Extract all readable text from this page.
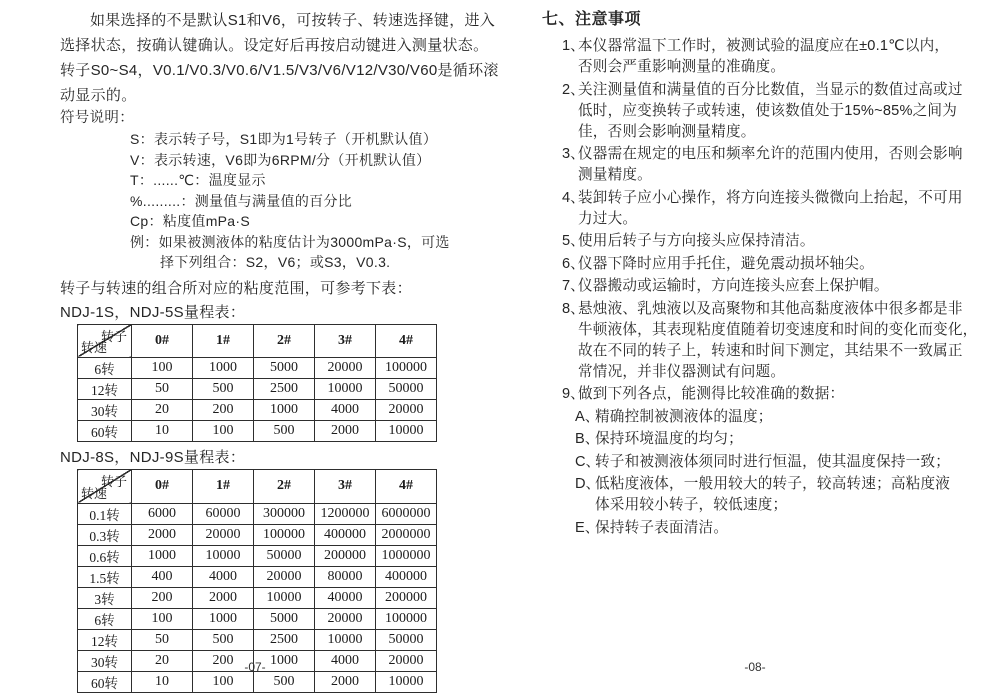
如果选择的不是默认S1和V6，可按转子、转速选择键，进入
选择状态，按确认键确认。设定好后再按启动键进入测量状态。
转子S0~S4，V0.1/V0.3/V0.6/V1.5/V3/V6/V12/V30/V60是循环滚
动显示的。
符号说明：
S：表示转子号，S1即为1号转子（开机默认值）
V：表示转速，V6即为6RPM/分（开机默认值）
T：......℃：温度显示
%.........：测量值与满量值的百分比
Cp：粘度值mPa·S
例：如果被测液体的粘度估计为3000mPa·S，可选
择下列组合：S2，V6；或S3，V0.3.
转子与转速的组合所对应的粘度范围，可参考下表：
NDJ-1S，NDJ-5S量程表：
转子
转速	0#	1#	2#	3#	4#
6转	100	1000	5000	20000	100000
12转	50	500	2500	10000	50000
30转	20	200	1000	4000	20000
60转	10	100	500	2000	10000
NDJ-8S，NDJ-9S量程表：
转子
转速	0#	1#	2#	3#	4#
0.1转	6000	60000	300000	1200000	6000000
0.3转	2000	20000	100000	400000	2000000
0.6转	1000	10000	50000	200000	1000000
1.5转	400	4000	20000	80000	400000
3转	200	2000	10000	40000	200000
6转	100	1000	5000	20000	100000
12转	50	500	2500	10000	50000
30转	20	200	1000	4000	20000
60转	10	100	500	2000	10000
七、注意事项
1、
本仪器常温下工作时，被测试验的温度应在±0.1℃以内，
否则会严重影响测量的准确度。
2、
关注测量值和满量值的百分比数值，当显示的数值过高或过
低时，应变换转子或转速，使该数值处于15%~85%之间为
佳，否则会影响测量精度。
3、
仪器需在规定的电压和频率允许的范围内使用，否则会影响
测量精度。
4、
装卸转子应小心操作，将方向连接头微微向上抬起，不可用
力过大。
5、
使用后转子与方向接头应保持清洁。
6、
仪器下降时应用手托住，避免震动损坏轴尖。
7、
仪器搬动或运输时，方向连接头应套上保护帽。
8、
悬烛液、乳烛液以及高聚物和其他高黏度液体中很多都是非
牛顿液体，其表现粘度值随着切变速度和时间的变化而变化，
故在不同的转子上，转速和时间下测定，其结果不一致属正
常情况，并非仪器测试有问题。
9、
做到下列各点，能测得比较准确的数据：
A、
精确控制被测液体的温度；
B、
保持环境温度的均匀；
C、
转子和被测液体须同时进行恒温，使其温度保持一致；
D、
低粘度液体，一般用较大的转子，较高转速；高粘度液
体采用较小转子，较低速度；
E、
保持转子表面清洁。
-07-	-08-
